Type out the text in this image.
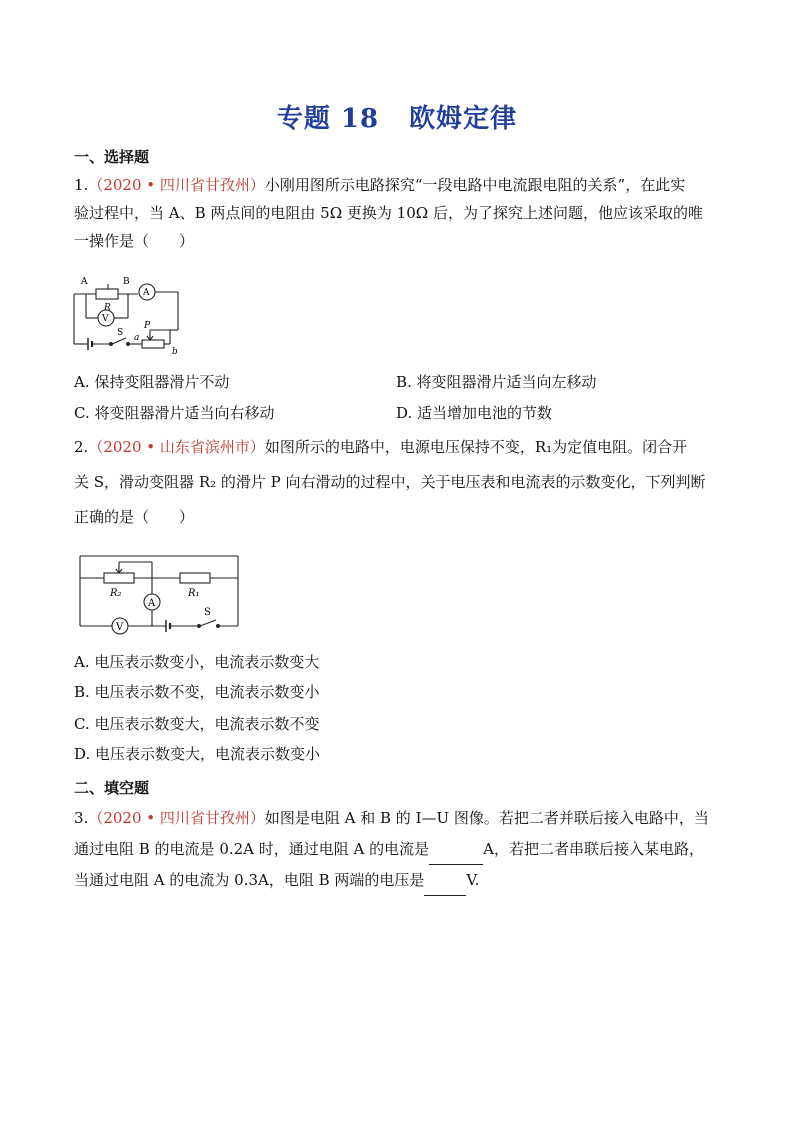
专题 18 欧姆定律
一、选择题
1.（2020 • 四川省甘孜州）小刚用图所示电路探究“一段电路中电流跟电阻的关系”，在此实
验过程中，当 A、B 两点间的电阻由 5Ω 更换为 10Ω 后，为了探究上述问题，他应该采取的唯
一操作是（　　）
A	B
R
A
V
S
P
a
b
A. 保持变阻器滑片不动	B. 将变阻器滑片适当向左移动
C. 将变阻器滑片适当向右移动	D. 适当增加电池的节数
2.（2020 • 山东省滨州市）如图所示的电路中，电源电压保持不变，R₁为定值电阻。闭合开
关 S，滑动变阻器 R₂ 的滑片 P 向右滑动的过程中，关于电压表和电流表的示数变化，下列判断
正确的是（　　）
R₂	R₁
A
V
S
A. 电压表示数变小，电流表示数变大
B. 电压表示数不变，电流表示数变小
C. 电压表示数变大，电流表示数不变
D. 电压表示数变大，电流表示数变小
二、填空题
3.（2020 • 四川省甘孜州）如图是电阻 A 和 B 的 I—U 图像。若把二者并联后接入电路中，当
通过电阻 B 的电流是 0.2A 时，通过电阻 A 的电流是	A，若把二者串联后接入某电路，
当通过电阻 A 的电流为 0.3A，电阻 B 两端的电压是	V.
